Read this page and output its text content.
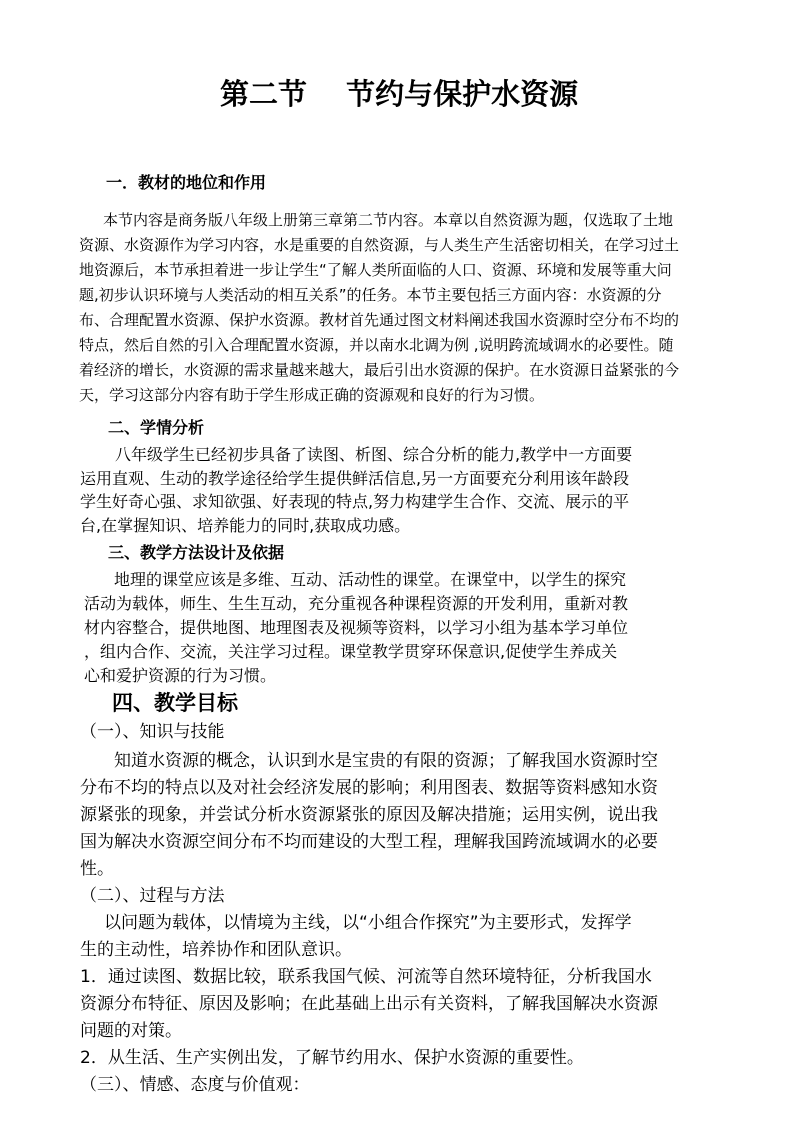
第二节　 节约与保护水资源
一．教材的地位和作用
本节内容是商务版八年级上册第三章第二节内容。本章以自然资源为题，仅选取了土地
资源、水资源作为学习内容，水是重要的自然资源，与人类生产生活密切相关，在学习过土
地资源后，本节承担着进一步让学生“了解人类所面临的人口、资源、环境和发展等重大问
题,初步认识环境与人类活动的相互关系”的任务。本节主要包括三方面内容：水资源的分
布、合理配置水资源、保护水资源。教材首先通过图文材料阐述我国水资源时空分布不均的
特点，然后自然的引入合理配置水资源，并以南水北调为例 ,说明跨流域调水的必要性。随
着经济的增长，水资源的需求量越来越大，最后引出水资源的保护。在水资源日益紧张的今
天，学习这部分内容有助于学生形成正确的资源观和良好的行为习惯。
二、学情分析
八年级学生已经初步具备了读图、析图、综合分析的能力,教学中一方面要
运用直观、生动的教学途径给学生提供鲜活信息,另一方面要充分利用该年龄段
学生好奇心强、求知欲强、好表现的特点,努力构建学生合作、交流、展示的平
台,在掌握知识、培养能力的同时,获取成功感。
三、教学方法设计及依据
地理的课堂应该是多维、互动、活动性的课堂。在课堂中，以学生的探究
活动为载体，师生、生生互动，充分重视各种课程资源的开发利用，重新对教
材内容整合，提供地图、地理图表及视频等资料，以学习小组为基本学习单位
，组内合作、交流，关注学习过程。课堂教学贯穿环保意识,促使学生养成关
心和爱护资源的行为习惯。
四、教学目标
（一）、知识与技能
知道水资源的概念，认识到水是宝贵的有限的资源；了解我国水资源时空
分布不均的特点以及对社会经济发展的影响；利用图表、数据等资料感知水资
源紧张的现象，并尝试分析水资源紧张的原因及解决措施；运用实例，说出我
国为解决水资源空间分布不均而建设的大型工程，理解我国跨流域调水的必要
性。
（二）、过程与方法
以问题为载体，以情境为主线，以“小组合作探究”为主要形式，发挥学
生的主动性，培养协作和团队意识。
1．通过读图、数据比较，联系我国气候、河流等自然环境特征，分析我国水
资源分布特征、原因及影响；在此基础上出示有关资料，了解我国解决水资源
问题的对策。
2．从生活、生产实例出发，了解节约用水、保护水资源的重要性。
（三）、情感、态度与价值观：
